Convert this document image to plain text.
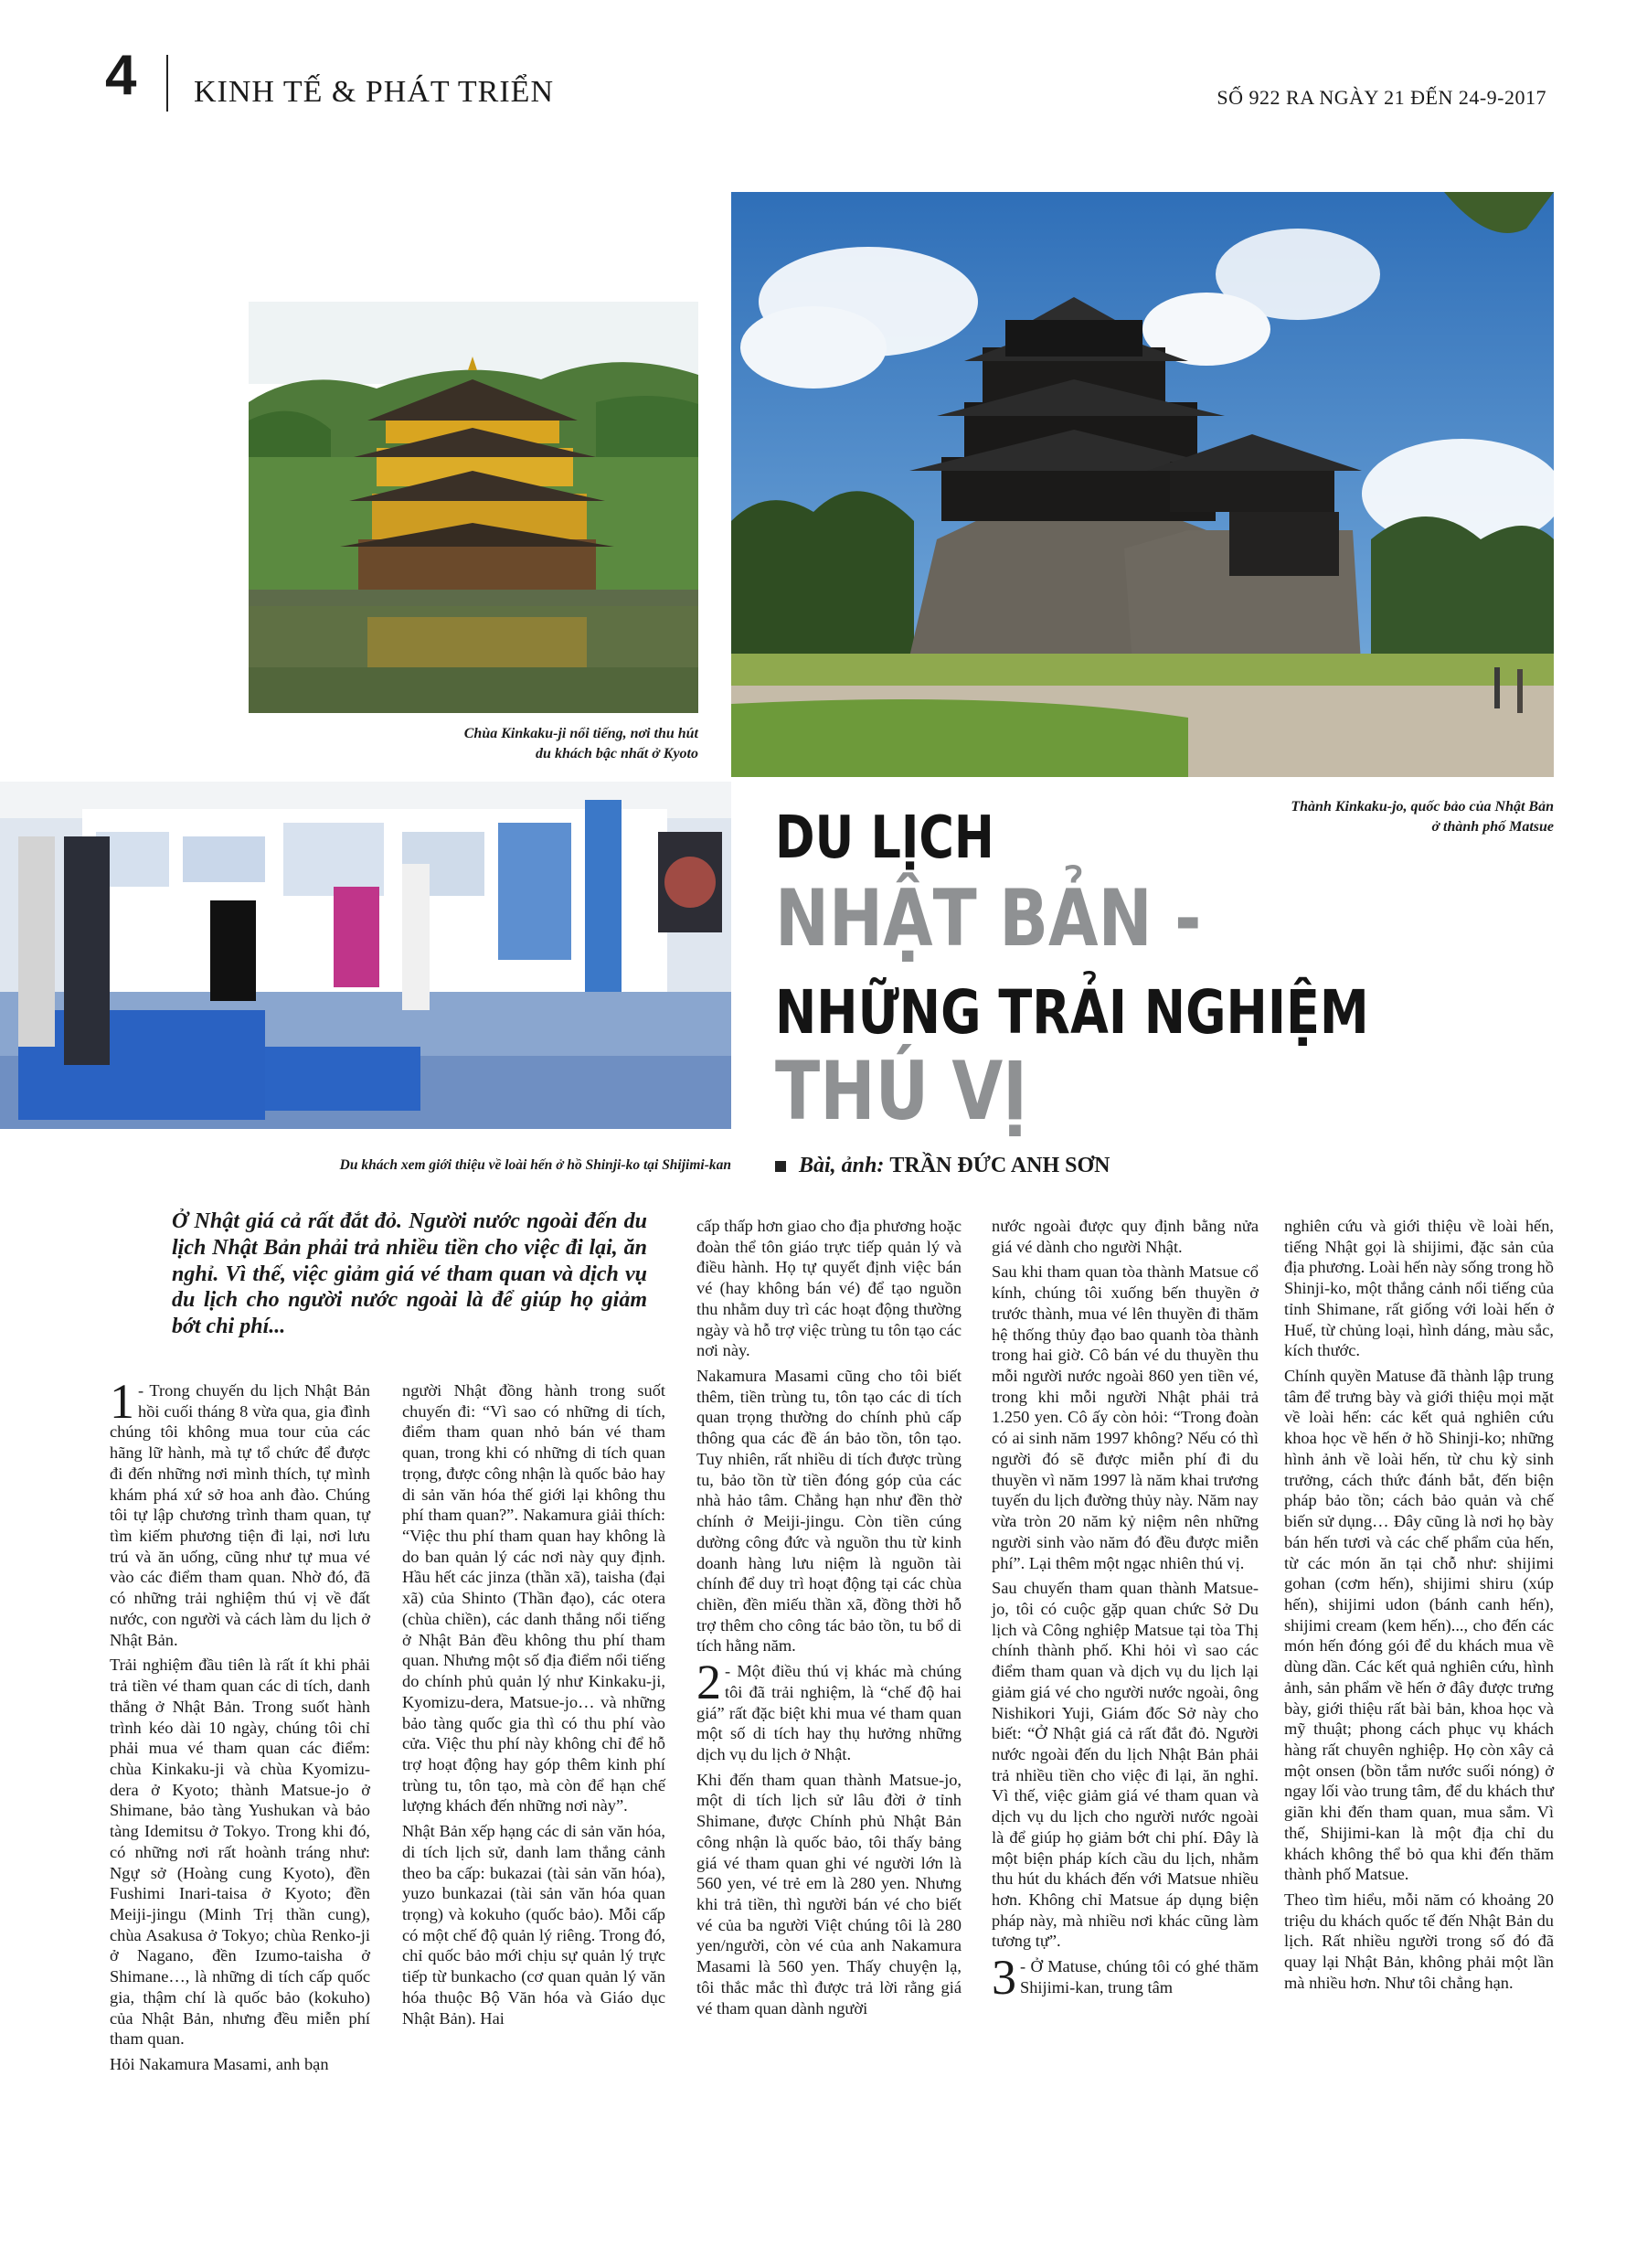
4 KINH TẾ & PHÁT TRIỂN	SỐ 922 RA NGÀY 21 ĐẾN 24-9-2017
Chùa Kinkaku-ji nổi tiếng, nơi thu hút
du khách bậc nhất ở Kyoto
Thành Kinkaku-jo, quốc bảo của Nhật Bản
ở thành phố Matsue
Du khách xem giới thiệu về loài hến ở hồ Shinji-ko tại Shijimi-kan
DU LỊCH
NHẬT BẢN -
NHỮNG TRẢI NGHIỆM
THÚ VỊ
Bài, ảnh: TRẦN ĐỨC ANH SƠN
Ở Nhật giá cả rất đắt đỏ. Người nước ngoài đến du lịch Nhật Bản phải trả nhiều tiền cho việc đi lại, ăn nghỉ. Vì thế, việc giảm giá vé tham quan và dịch vụ du lịch cho người nước ngoài là để giúp họ giảm bớt chi phí...

1 - Trong chuyến du lịch Nhật Bản hồi cuối tháng 8 vừa qua, gia đình chúng tôi không mua tour của các hãng lữ hành, mà tự tổ chức để được đi đến những nơi mình thích, tự mình khám phá xứ sở hoa anh đào. Chúng tôi tự lập chương trình tham quan, tự tìm kiếm phương tiện đi lại, nơi lưu trú và ăn uống, cũng như tự mua vé vào các điểm tham quan. Nhờ đó, đã có những trải nghiệm thú vị về đất nước, con người và cách làm du lịch ở Nhật Bản.

Trải nghiệm đầu tiên là rất ít khi phải trả tiền vé tham quan các di tích, danh thắng ở Nhật Bản. Trong suốt hành trình kéo dài 10 ngày, chúng tôi chỉ phải mua vé tham quan các điểm: chùa Kinkaku-ji và chùa Kyomizu-dera ở Kyoto; thành Matsue-jo ở Shimane, bảo tàng Yushukan và bảo tàng Idemitsu ở Tokyo. Trong khi đó, có những nơi rất hoành tráng như: Ngự sở (Hoàng cung Kyoto), đền Fushimi Inari-taisa ở Kyoto; đền Meiji-jingu (Minh Trị thần cung), chùa Asakusa ở Tokyo; chùa Renko-ji ở Nagano, đền Izumo-taisha ở Shimane…, là những di tích cấp quốc gia, thậm chí là quốc bảo (kokuho) của Nhật Bản, nhưng đều miễn phí tham quan.

Hỏi Nakamura Masami, anh bạn

người Nhật đồng hành trong suốt chuyến đi: “Vì sao có những di tích, điểm tham quan nhỏ bán vé tham quan, trong khi có những di tích quan trọng, được công nhận là quốc bảo hay di sản văn hóa thế giới lại không thu phí tham quan?”. Nakamura giải thích: “Việc thu phí tham quan hay không là do ban quản lý các nơi này quy định. Hầu hết các jinza (thần xã), taisha (đại xã) của Shinto (Thần đạo), các otera (chùa chiền), các danh thắng nổi tiếng ở Nhật Bản đều không thu phí tham quan. Nhưng một số địa điểm nổi tiếng do chính phủ quản lý như Kinkaku-ji, Kyomizu-dera, Matsue-jo… và những bảo tàng quốc gia thì có thu phí vào cửa. Việc thu phí này không chỉ để hỗ trợ hoạt động hay góp thêm kinh phí trùng tu, tôn tạo, mà còn để hạn chế lượng khách đến những nơi này”.

Nhật Bản xếp hạng các di sản văn hóa, di tích lịch sử, danh lam thắng cảnh theo ba cấp: bukazai (tài sản văn hóa), yuzo bunkazai (tài sản văn hóa quan trọng) và kokuho (quốc bảo). Mỗi cấp có một chế độ quản lý riêng. Trong đó, chỉ quốc bảo mới chịu sự quản lý trực tiếp từ bunkacho (cơ quan quản lý văn hóa thuộc Bộ Văn hóa và Giáo dục Nhật Bản). Hai

cấp thấp hơn giao cho địa phương hoặc đoàn thể tôn giáo trực tiếp quản lý và điều hành. Họ tự quyết định việc bán vé (hay không bán vé) để tạo nguồn thu nhằm duy trì các hoạt động thường ngày và hỗ trợ việc trùng tu tôn tạo các nơi này.

Nakamura Masami cũng cho tôi biết thêm, tiền trùng tu, tôn tạo các di tích quan trọng thường do chính phủ cấp thông qua các đề án bảo tồn, tôn tạo. Tuy nhiên, rất nhiều di tích được trùng tu, bảo tồn từ tiền đóng góp của các nhà hảo tâm. Chẳng hạn như đền thờ chính ở Meiji-jingu. Còn tiền cúng dường công đức và nguồn thu từ kinh doanh hàng lưu niệm là nguồn tài chính để duy trì hoạt động tại các chùa chiền, đền miếu thần xã, đồng thời hỗ trợ thêm cho công tác bảo tồn, tu bổ di tích hằng năm.

2 - Một điều thú vị khác mà chúng tôi đã trải nghiệm, là “chế độ hai giá” rất đặc biệt khi mua vé tham quan một số di tích hay thụ hưởng những dịch vụ du lịch ở Nhật.

Khi đến tham quan thành Matsue-jo, một di tích lịch sử lâu đời ở tỉnh Shimane, được Chính phủ Nhật Bản công nhận là quốc bảo, tôi thấy bảng giá vé tham quan ghi vé người lớn là 560 yen, vé trẻ em là 280 yen. Nhưng khi trả tiền, thì người bán vé cho biết vé của ba người Việt chúng tôi là 280 yen/người, còn vé của anh Nakamura Masami là 560 yen. Thấy chuyện lạ, tôi thắc mắc thì được trả lời rằng giá vé tham quan dành người

nước ngoài được quy định bằng nửa giá vé dành cho người Nhật.

Sau khi tham quan tòa thành Matsue cổ kính, chúng tôi xuống bến thuyền ở trước thành, mua vé lên thuyền đi thăm hệ thống thủy đạo bao quanh tòa thành trong hai giờ. Cô bán vé du thuyền thu mỗi người nước ngoài 860 yen tiền vé, trong khi mỗi người Nhật phải trả 1.250 yen. Cô ấy còn hỏi: “Trong đoàn có ai sinh năm 1997 không? Nếu có thì người đó sẽ được miễn phí đi du thuyền vì năm 1997 là năm khai trương tuyến du lịch đường thủy này. Năm nay vừa tròn 20 năm kỷ niệm nên những người sinh vào năm đó đều được miễn phí”. Lại thêm một ngạc nhiên thú vị.

Sau chuyến tham quan thành Matsue-jo, tôi có cuộc gặp quan chức Sở Du lịch và Công nghiệp Matsue tại tòa Thị chính thành phố. Khi hỏi vì sao các điểm tham quan và dịch vụ du lịch lại giảm giá vé cho người nước ngoài, ông Nishikori Yuji, Giám đốc Sở này cho biết: “Ở Nhật giá cả rất đắt đỏ. Người nước ngoài đến du lịch Nhật Bản phải trả nhiều tiền cho việc đi lại, ăn nghỉ. Vì thế, việc giảm giá vé tham quan và dịch vụ du lịch cho người nước ngoài là để giúp họ giảm bớt chi phí. Đây là một biện pháp kích cầu du lịch, nhằm thu hút du khách đến với Matsue nhiều hơn. Không chỉ Matsue áp dụng biện pháp này, mà nhiều nơi khác cũng làm tương tự”.

3 - Ở Matuse, chúng tôi có ghé thăm Shijimi-kan, trung tâm

nghiên cứu và giới thiệu về loài hến, tiếng Nhật gọi là shijimi, đặc sản của địa phương. Loài hến này sống trong hồ Shinji-ko, một thắng cảnh nổi tiếng của tỉnh Shimane, rất giống với loài hến ở Huế, từ chủng loại, hình dáng, màu sắc, kích thước.

Chính quyền Matuse đã thành lập trung tâm để trưng bày và giới thiệu mọi mặt về loài hến: các kết quả nghiên cứu khoa học về hến ở hồ Shinji-ko; những hình ảnh về loài hến, từ chu kỳ sinh trưởng, cách thức đánh bắt, đến biện pháp bảo tồn; cách bảo quản và chế biến sử dụng… Đây cũng là nơi họ bày bán hến tươi và các chế phẩm của hến, từ các món ăn tại chỗ như: shijimi gohan (cơm hến), shijimi shiru (xúp hến), shijimi udon (bánh canh hến), shijimi cream (kem hến)..., cho đến các món hến đóng gói để du khách mua về dùng dần. Các kết quả nghiên cứu, hình ảnh, sản phẩm về hến ở đây được trưng bày, giới thiệu rất bài bản, khoa học và mỹ thuật; phong cách phục vụ khách hàng rất chuyên nghiệp. Họ còn xây cả một onsen (bồn tắm nước suối nóng) ở ngay lối vào trung tâm, để du khách thư giãn khi đến tham quan, mua sắm. Vì thế, Shijimi-kan là một địa chỉ du khách không thể bỏ qua khi đến thăm thành phố Matsue.

Theo tìm hiểu, mỗi năm có khoảng 20 triệu du khách quốc tế đến Nhật Bản du lịch. Rất nhiều người trong số đó đã quay lại Nhật Bản, không phải một lần mà nhiều hơn. Như tôi chẳng hạn.
